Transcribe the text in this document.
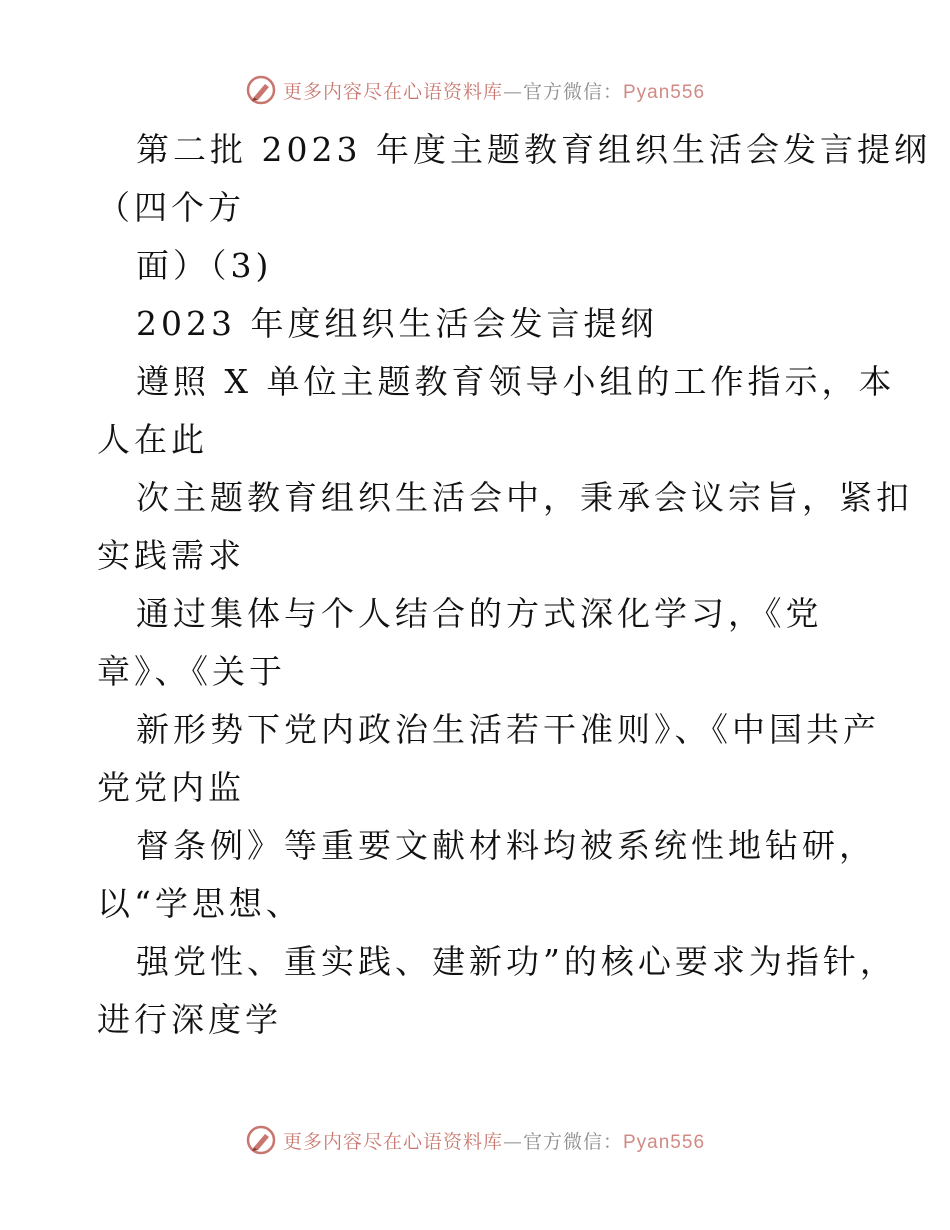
更多内容尽在心语资料库—官方微信：Pyan556
第二批 2023 年度主题教育组织生活会发言提纲
（四个方
面）（3)
2023 年度组织生活会发言提纲
遵照 X 单位主题教育领导小组的工作指示，本
人在此
次主题教育组织生活会中，秉承会议宗旨，紧扣
实践需求
通过集体与个人结合的方式深化学习，《党
章》、《关于
新形势下党内政治生活若干准则》、《中国共产
党党内监
督条例》等重要文献材料均被系统性地钻研，
以“学思想、
强党性、重实践、建新功”的核心要求为指针，
进行深度学
更多内容尽在心语资料库—官方微信：Pyan556
